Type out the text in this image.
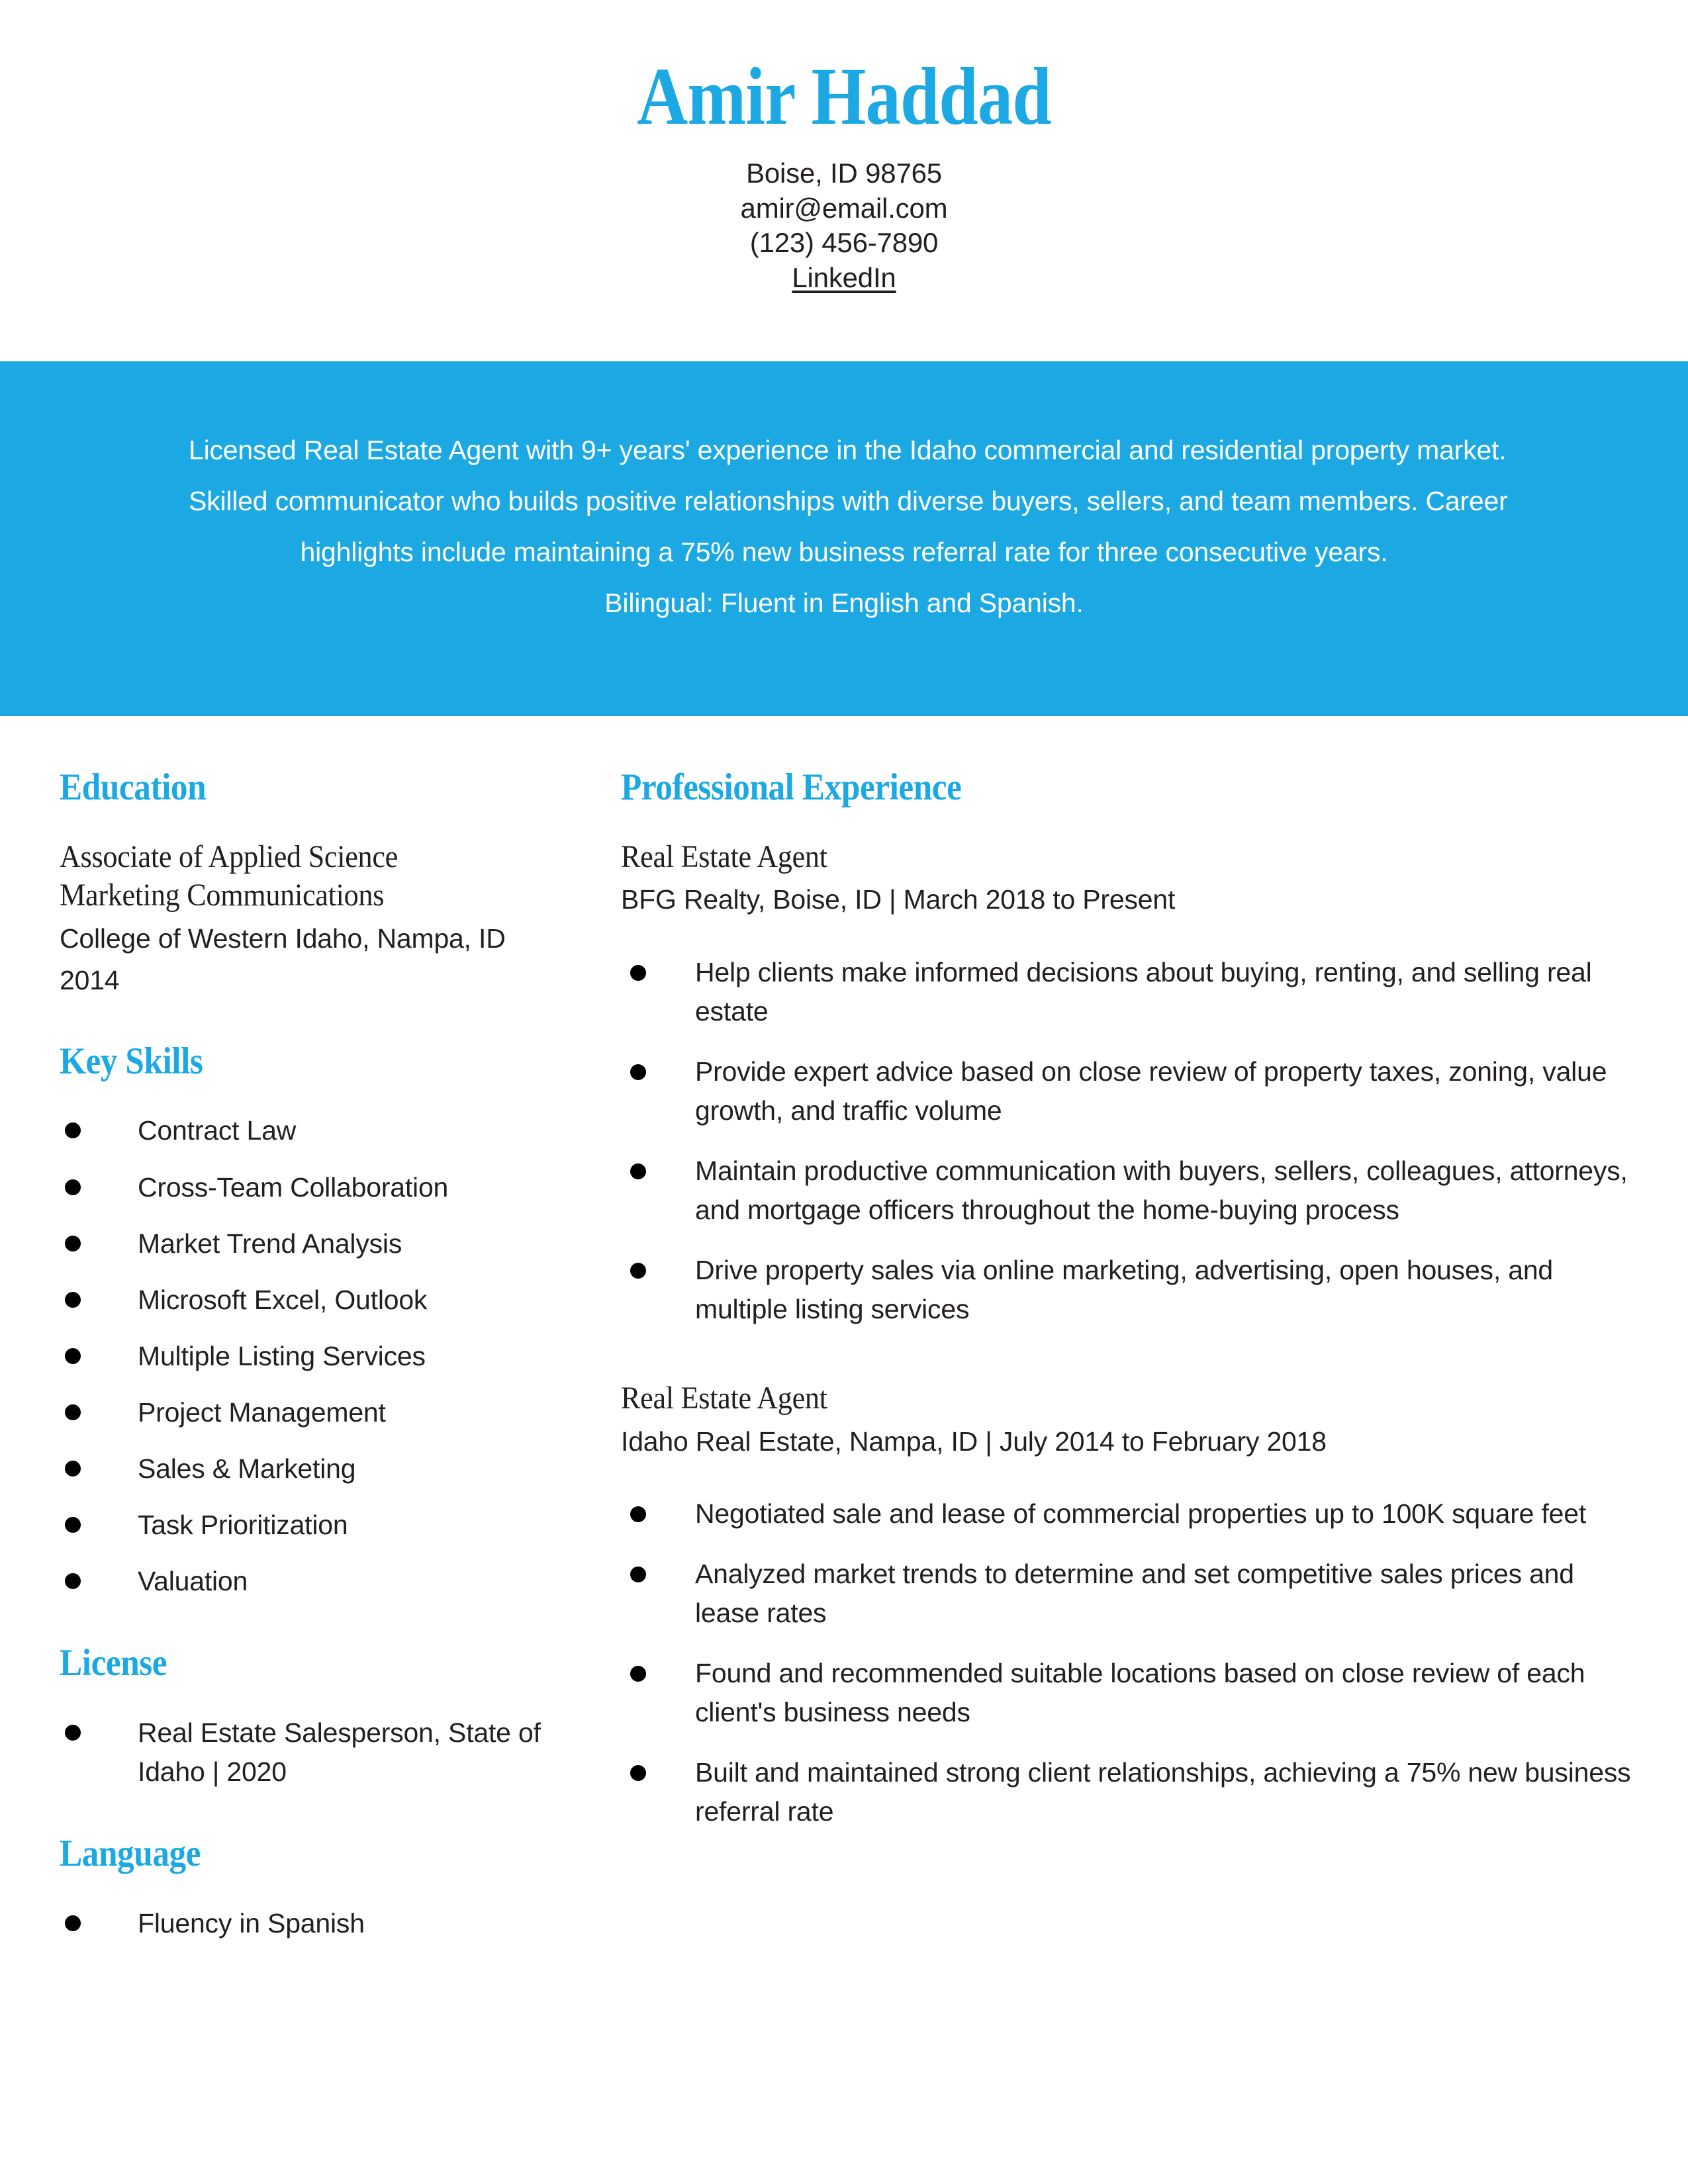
Amir Haddad

Boise, ID 98765

amir@email.com

(123) 456-7890

LinkedIn

Licensed Real Estate Agent with 9+ years' experience in the Idaho commercial and residential property market.
Skilled communicator who builds positive relationships with diverse buyers, sellers, and team members. Career
highlights include maintaining a 75% new business referral rate for three consecutive years.
Bilingual: Fluent in English and Spanish.
Education

Associate of Applied Science

Marketing Communications

College of Western Idaho, Nampa, ID

2014

Key Skills
Contract Law
Cross-Team Collaboration
Market Trend Analysis
Microsoft Excel, Outlook
Multiple Listing Services
Project Management
Sales & Marketing
Task Prioritization
Valuation
License
Real Estate Salesperson, State of Idaho | 2020
Language
Fluency in Spanish
Professional Experience

Real Estate Agent

BFG Realty, Boise, ID | March 2018 to Present

Help clients make informed decisions about buying, renting, and selling real estate
Provide expert advice based on close review of property taxes, zoning, value growth, and traffic volume
Maintain productive communication with buyers, sellers, colleagues, attorneys, and mortgage officers throughout the home-buying process
Drive property sales via online marketing, advertising, open houses, and multiple listing services

Real Estate Agent

Idaho Real Estate, Nampa, ID | July 2014 to February 2018

Negotiated sale and lease of commercial properties up to 100K square feet
Analyzed market trends to determine and set competitive sales prices and lease rates
Found and recommended suitable locations based on close review of each client's business needs
Built and maintained strong client relationships, achieving a 75% new business referral rate
